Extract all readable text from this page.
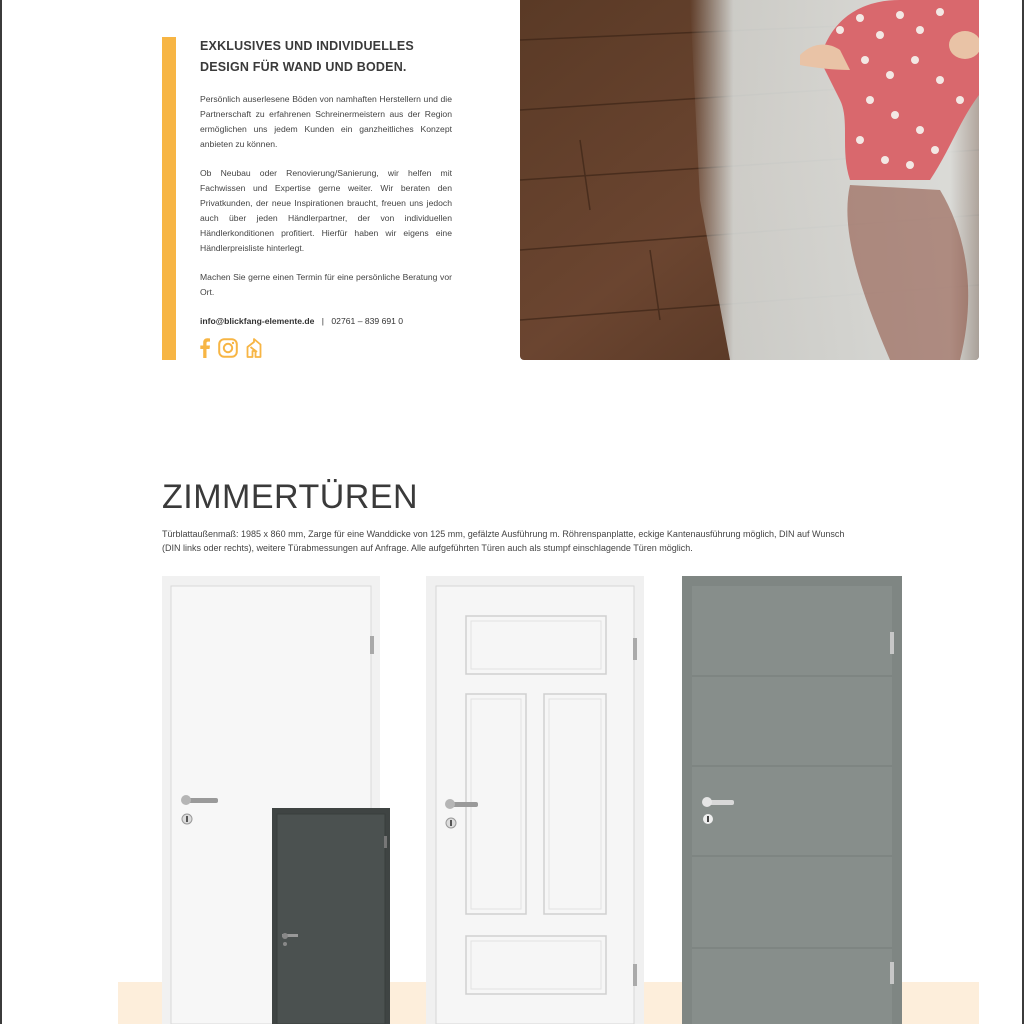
EXKLUSIVES UND INDIVIDUELLES DESIGN FÜR WAND UND BODEN.

Persönlich auserlesene Böden von namhaften Herstellern und die Partnerschaft zu erfahrenen Schreinermeistern aus der Region ermöglichen uns jedem Kunden ein ganzheitliches Konzept anbieten zu können.

Ob Neubau oder Renovierung/Sanierung, wir helfen mit Fachwissen und Expertise gerne weiter. Wir beraten den Privatkunden, der neue Inspirationen braucht, freuen uns jedoch auch über jeden Händlerpartner, der von individuellen Händlerkonditionen profitiert. Hierfür haben wir eigens eine Händlerpreisliste hinterlegt.

Machen Sie gerne einen Termin für eine persönliche Beratung vor Ort.

info@blickfang-elemente.de | 02761 – 839 691 0
ZIMMERTÜREN

Türblattaußenmaß: 1985 x 860 mm, Zarge für eine Wanddicke von 125 mm, gefälzte Ausführung m. Röhrenspanplatte, eckige Kantenausführung möglich, DIN auf Wunsch (DIN links oder rechts), weitere Türabmessungen auf Anfrage. Alle aufgeführten Türen auch als stumpf einschlagende Türen möglich.
